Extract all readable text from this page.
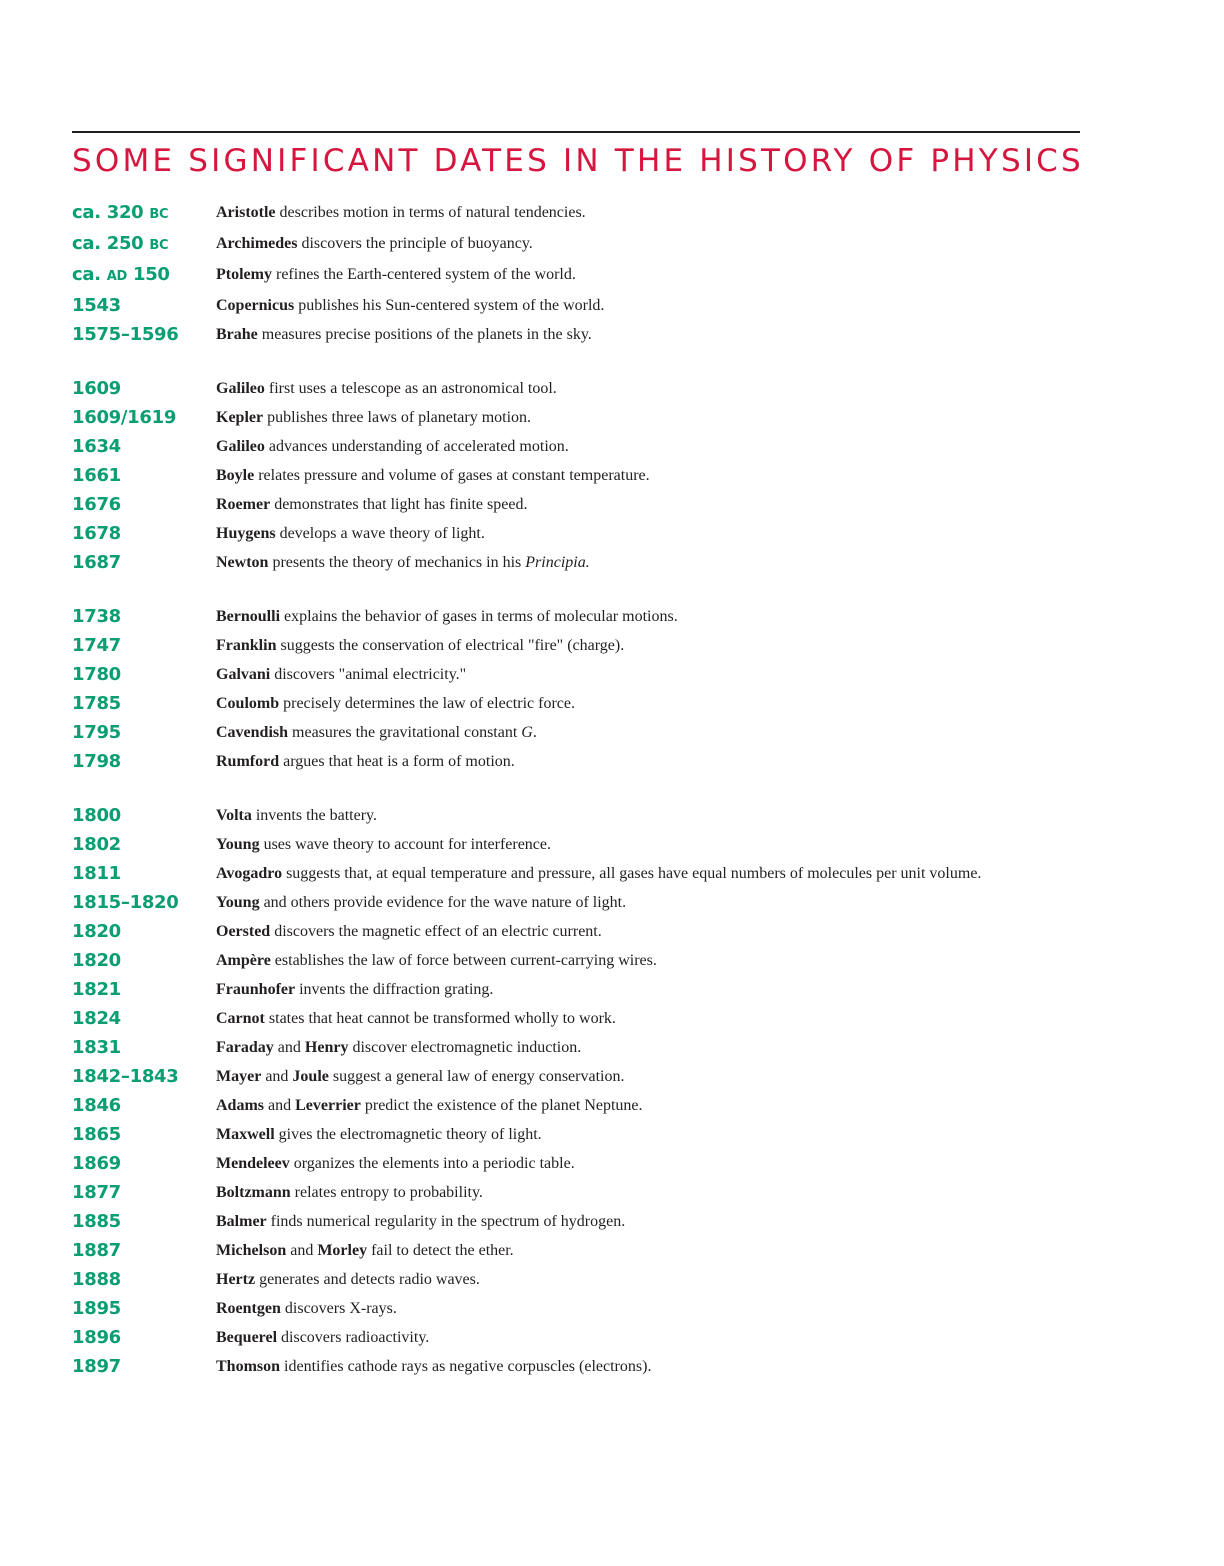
SOME SIGNIFICANT DATES IN THE HISTORY OF PHYSICS
ca. 320 BC	Aristotle describes motion in terms of natural tendencies.
ca. 250 BC	Archimedes discovers the principle of buoyancy.
ca. AD 150	Ptolemy refines the Earth-centered system of the world.
1543	Copernicus publishes his Sun-centered system of the world.
1575–1596	Brahe measures precise positions of the planets in the sky.
1609	Galileo first uses a telescope as an astronomical tool.
1609/1619	Kepler publishes three laws of planetary motion.
1634	Galileo advances understanding of accelerated motion.
1661	Boyle relates pressure and volume of gases at constant temperature.
1676	Roemer demonstrates that light has finite speed.
1678	Huygens develops a wave theory of light.
1687	Newton presents the theory of mechanics in his Principia.
1738	Bernoulli explains the behavior of gases in terms of molecular motions.
1747	Franklin suggests the conservation of electrical "fire" (charge).
1780	Galvani discovers "animal electricity."
1785	Coulomb precisely determines the law of electric force.
1795	Cavendish measures the gravitational constant G.
1798	Rumford argues that heat is a form of motion.
1800	Volta invents the battery.
1802	Young uses wave theory to account for interference.
1811	Avogadro suggests that, at equal temperature and pressure, all gases have equal numbers of molecules per unit volume.
1815–1820	Young and others provide evidence for the wave nature of light.
1820	Oersted discovers the magnetic effect of an electric current.
1820	Ampère establishes the law of force between current-carrying wires.
1821	Fraunhofer invents the diffraction grating.
1824	Carnot states that heat cannot be transformed wholly to work.
1831	Faraday and Henry discover electromagnetic induction.
1842–1843	Mayer and Joule suggest a general law of energy conservation.
1846	Adams and Leverrier predict the existence of the planet Neptune.
1865	Maxwell gives the electromagnetic theory of light.
1869	Mendeleev organizes the elements into a periodic table.
1877	Boltzmann relates entropy to probability.
1885	Balmer finds numerical regularity in the spectrum of hydrogen.
1887	Michelson and Morley fail to detect the ether.
1888	Hertz generates and detects radio waves.
1895	Roentgen discovers X-rays.
1896	Bequerel discovers radioactivity.
1897	Thomson identifies cathode rays as negative corpuscles (electrons).
